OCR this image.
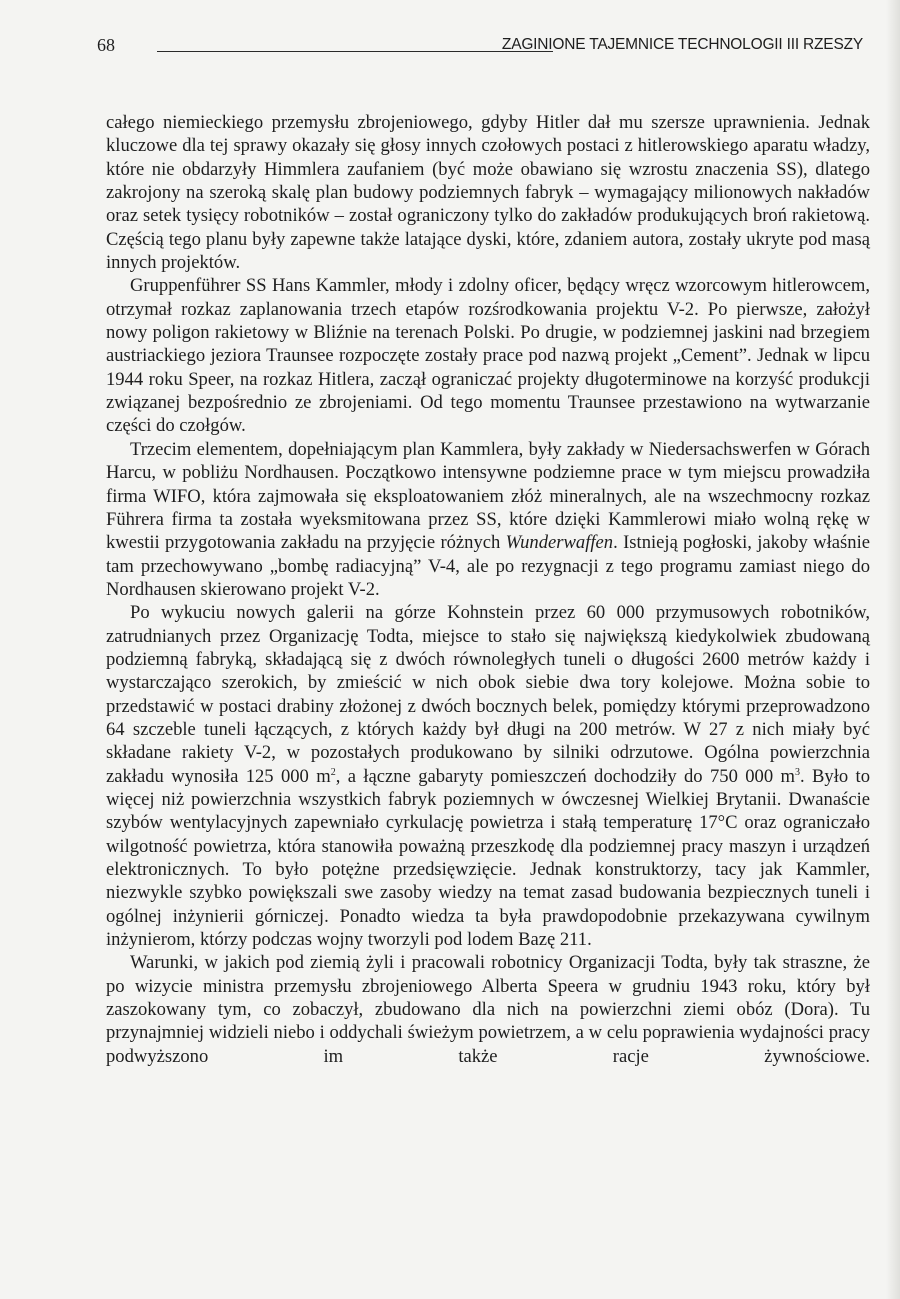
68	ZAGINIONE TAJEMNICE TECHNOLOGII III RZESZY

całego niemieckiego przemysłu zbrojeniowego, gdyby Hitler dał mu szersze uprawnienia. Jednak kluczowe dla tej sprawy okazały się głosy innych czołowych postaci z hitlerowskiego aparatu władzy, które nie obdarzyły Himmlera zaufaniem (być może obawiano się wzrostu znaczenia SS), dlatego zakrojony na szeroką skalę plan budowy podziemnych fabryk – wymagający milionowych nakładów oraz setek tysięcy robotników – został ograniczony tylko do zakładów produkujących broń rakietową. Częścią tego planu były zapewne także latające dyski, które, zdaniem autora, zostały ukryte pod masą innych projektów.

Gruppenführer SS Hans Kammler, młody i zdolny oficer, będący wręcz wzorcowym hitlerowcem, otrzymał rozkaz zaplanowania trzech etapów rozśrodkowania projektu V-2. Po pierwsze, założył nowy poligon rakietowy w Bliźnie na terenach Polski. Po drugie, w podziemnej jaskini nad brzegiem austriackiego jeziora Traunsee rozpoczęte zostały prace pod nazwą projekt „Cement”. Jednak w lipcu 1944 roku Speer, na rozkaz Hitlera, zaczął ograniczać projekty długoterminowe na korzyść produkcji związanej bezpośrednio ze zbrojeniami. Od tego momentu Traunsee przestawiono na wytwarzanie części do czołgów.

Trzecim elementem, dopełniającym plan Kammlera, były zakłady w Niedersachswerfen w Górach Harcu, w pobliżu Nordhausen. Początkowo intensywne podziemne prace w tym miejscu prowadziła firma WIFO, która zajmowała się eksploatowaniem złóż mineralnych, ale na wszechmocny rozkaz Führera firma ta została wyeksmitowana przez SS, które dzięki Kammlerowi miało wolną rękę w kwestii przygotowania zakładu na przyjęcie różnych Wunderwaffen. Istnieją pogłoski, jakoby właśnie tam przechowywano „bombę radiacyjną” V-4, ale po rezygnacji z tego programu zamiast niego do Nordhausen skierowano projekt V-2.

Po wykuciu nowych galerii na górze Kohnstein przez 60 000 przymusowych robotników, zatrudnianych przez Organizację Todta, miejsce to stało się największą kiedykolwiek zbudowaną podziemną fabryką, składającą się z dwóch równoległych tuneli o długości 2600 metrów każdy i wystarczająco szerokich, by zmieścić w nich obok siebie dwa tory kolejowe. Można sobie to przedstawić w postaci drabiny złożonej z dwóch bocznych belek, pomiędzy którymi przeprowadzono 64 szczeble tuneli łączących, z których każdy był długi na 200 metrów. W 27 z nich miały być składane rakiety V-2, w pozostałych produkowano by silniki odrzutowe. Ogólna powierzchnia zakładu wynosiła 125 000 $m^2$, a łączne gabaryty pomieszczeń dochodziły do 750 000 $m^3$. Było to więcej niż powierzchnia wszystkich fabryk poziemnych w ówczesnej Wielkiej Brytanii. Dwanaście szybów wentylacyjnych zapewniało cyrkulację powietrza i stałą temperaturę 17°C oraz ograniczało wilgotność powietrza, która stanowiła poważną przeszkodę dla podziemnej pracy maszyn i urządzeń elektronicznych. To było potężne przedsięwzięcie. Jednak konstruktorzy, tacy jak Kammler, niezwykle szybko powiększali swe zasoby wiedzy na temat zasad budowania bezpiecznych tuneli i ogólnej inżynierii górniczej. Ponadto wiedza ta była prawdopodobnie przekazywana cywilnym inżynierom, którzy podczas wojny tworzyli pod lodem Bazę 211.

Warunki, w jakich pod ziemią żyli i pracowali robotnicy Organizacji Todta, były tak straszne, że po wizycie ministra przemysłu zbrojeniowego Alberta Speera w grudniu 1943 roku, który był zaszokowany tym, co zobaczył, zbudowano dla nich na powierzchni ziemi obóz (Dora). Tu przynajmniej widzieli niebo i oddychali świeżym powietrzem, a w celu poprawienia wydajności pracy podwyższono im także racje żywnościowe.
